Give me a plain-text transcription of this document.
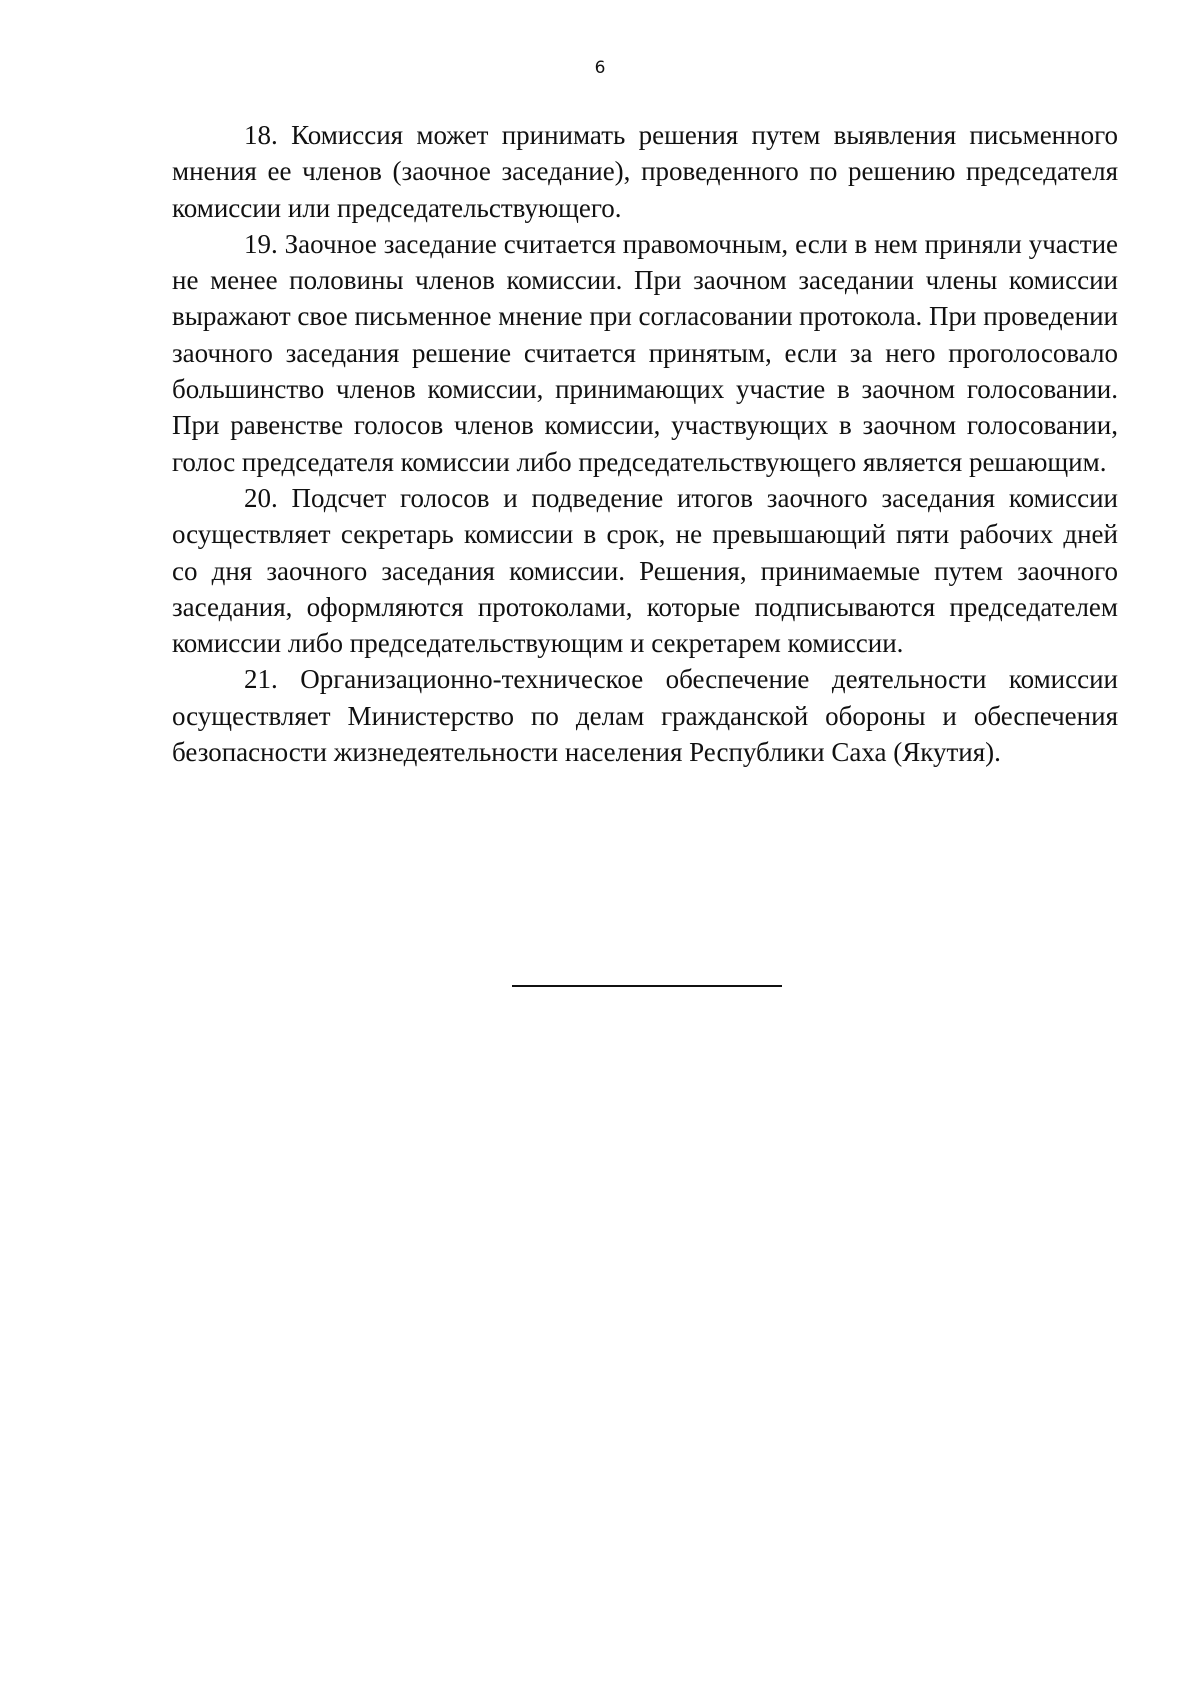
6

18. Комиссия может принимать решения путем выявления письменного мнения ее членов (заочное заседание), проведенного по решению председателя комиссии или председательствующего.

19. Заочное заседание считается правомочным, если в нем приняли участие не менее половины членов комиссии. При заочном заседании члены комиссии выражают свое письменное мнение при согласовании протокола. При проведении заочного заседания решение считается принятым, если за него проголосовало большинство членов комиссии, принимающих участие в заочном голосовании. При равенстве голосов членов комиссии, участвующих в заочном голосовании, голос председателя комиссии либо председательствующего является решающим.

20. Подсчет голосов и подведение итогов заочного заседания комиссии осуществляет секретарь комиссии в срок, не превышающий пяти рабочих дней со дня заочного заседания комиссии. Решения, принимаемые путем заочного заседания, оформляются протоколами, которые подписываются председателем комиссии либо председательствующим и секретарем комиссии.

21. Организационно-техническое обеспечение деятельности комиссии осуществляет Министерство по делам гражданской обороны и обеспечения безопасности жизнедеятельности населения Республики Саха (Якутия).
